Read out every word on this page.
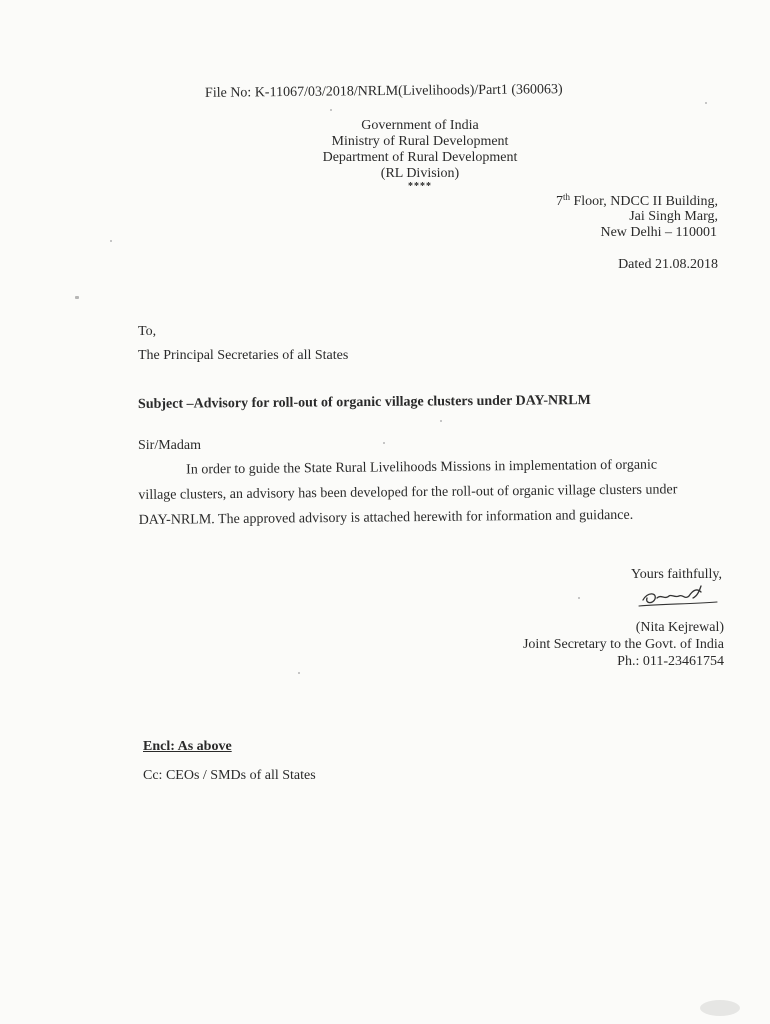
File No: K-11067/03/2018/NRLM(Livelihoods)/Part1 (360063)
Government of India
Ministry of Rural Development
Department of Rural Development
(RL Division)
****
7th Floor, NDCC II Building,
Jai Singh Marg,
New Delhi – 110001
Dated 21.08.2018
To,
The Principal Secretaries of all States
Subject –Advisory for roll-out of organic village clusters under DAY-NRLM
Sir/Madam
In order to guide the State Rural Livelihoods Missions in implementation of organic
village clusters, an advisory has been developed for the roll-out of organic village clusters under
DAY-NRLM. The approved advisory is attached herewith for information and guidance.
Yours faithfully,
(Nita Kejrewal)
Joint Secretary to the Govt. of India
Ph.: 011-23461754
Encl: As above
Cc: CEOs / SMDs of all States
